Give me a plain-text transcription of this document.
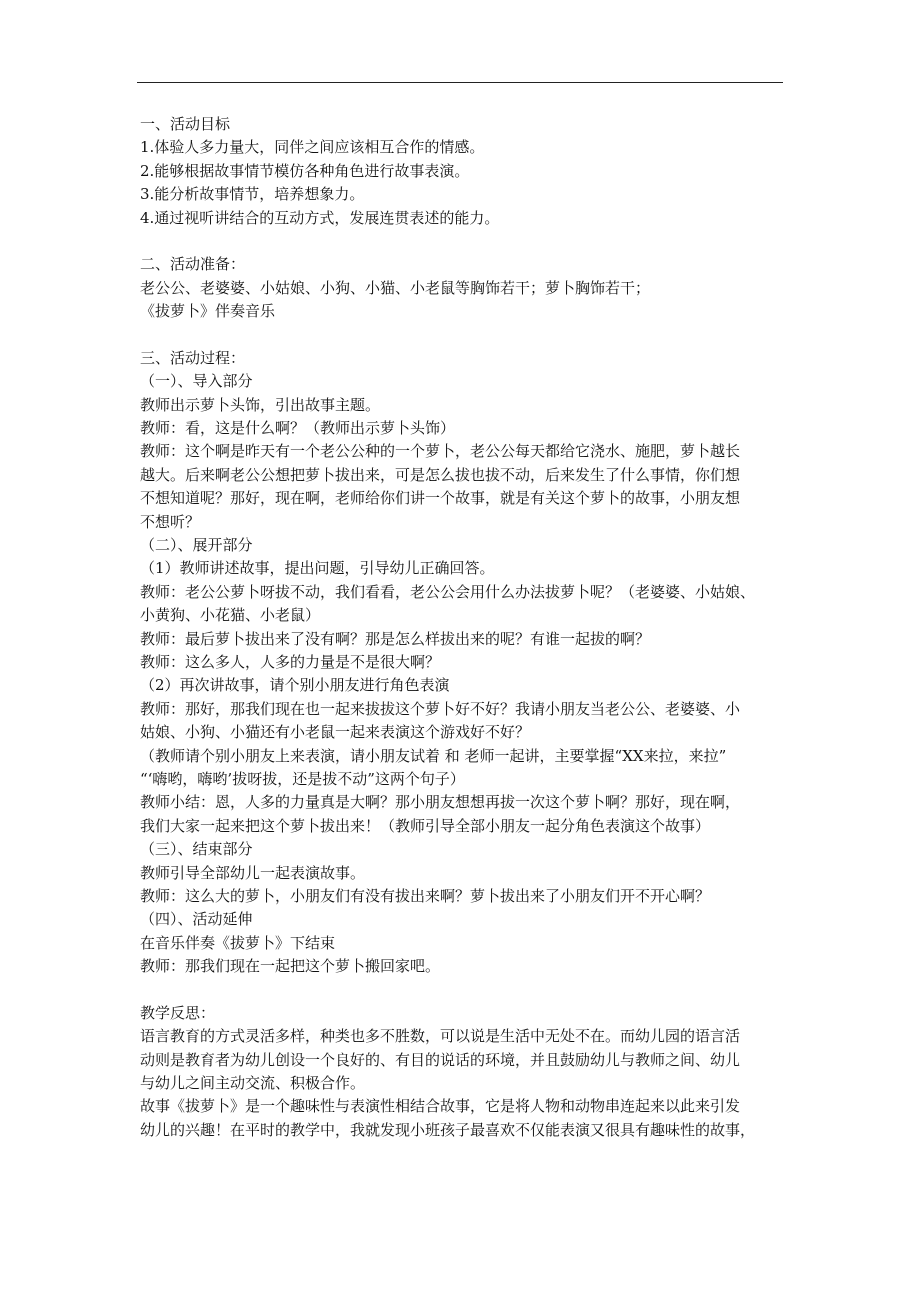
一、活动目标
1.体验人多力量大，同伴之间应该相互合作的情感。
2.能够根据故事情节模仿各种角色进行故事表演。
3.能分析故事情节，培养想象力。
4.通过视听讲结合的互动方式，发展连贯表述的能力。
二、活动准备：
老公公、老婆婆、小姑娘、小狗、小猫、小老鼠等胸饰若干；萝卜胸饰若干；
《拔萝卜》伴奏音乐
三、活动过程：
（一）、导入部分
教师出示萝卜头饰，引出故事主题。
教师：看，这是什么啊？（教师出示萝卜头饰）
教师：这个啊是昨天有一个老公公种的一个萝卜，老公公每天都给它浇水、施肥，萝卜越长
越大。后来啊老公公想把萝卜拔出来，可是怎么拔也拔不动，后来发生了什么事情，你们想
不想知道呢？那好，现在啊，老师给你们讲一个故事，就是有关这个萝卜的故事，小朋友想
不想听？
（二）、展开部分
（1）教师讲述故事，提出问题，引导幼儿正确回答。
教师：老公公萝卜呀拔不动，我们看看，老公公会用什么办法拔萝卜呢？（老婆婆、小姑娘、
小黄狗、小花猫、小老鼠）
教师：最后萝卜拔出来了没有啊？那是怎么样拔出来的呢？有谁一起拔的啊？
教师：这么多人，人多的力量是不是很大啊？
（2）再次讲故事，请个别小朋友进行角色表演
教师：那好，那我们现在也一起来拔拔这个萝卜好不好？我请小朋友当老公公、老婆婆、小
姑娘、小狗、小猫还有小老鼠一起来表演这个游戏好不好？
（教师请个别小朋友上来表演，请小朋友试着 和 老师一起讲，主要掌握“XX来拉，来拉”
“‘嗨哟，嗨哟’拔呀拔，还是拔不动”这两个句子）
教师小结：恩，人多的力量真是大啊？那小朋友想想再拔一次这个萝卜啊？那好，现在啊，
我们大家一起来把这个萝卜拔出来！（教师引导全部小朋友一起分角色表演这个故事）
（三）、结束部分
教师引导全部幼儿一起表演故事。
教师：这么大的萝卜，小朋友们有没有拔出来啊？萝卜拔出来了小朋友们开不开心啊？
（四）、活动延伸
在音乐伴奏《拔萝卜》下结束
教师：那我们现在一起把这个萝卜搬回家吧。
教学反思：
语言教育的方式灵活多样，种类也多不胜数，可以说是生活中无处不在。而幼儿园的语言活
动则是教育者为幼儿创设一个良好的、有目的说话的环境，并且鼓励幼儿与教师之间、幼儿
与幼儿之间主动交流、积极合作。
故事《拔萝卜》是一个趣味性与表演性相结合故事，它是将人物和动物串连起来以此来引发
幼儿的兴趣！在平时的教学中，我就发现小班孩子最喜欢不仅能表演又很具有趣味性的故事，
